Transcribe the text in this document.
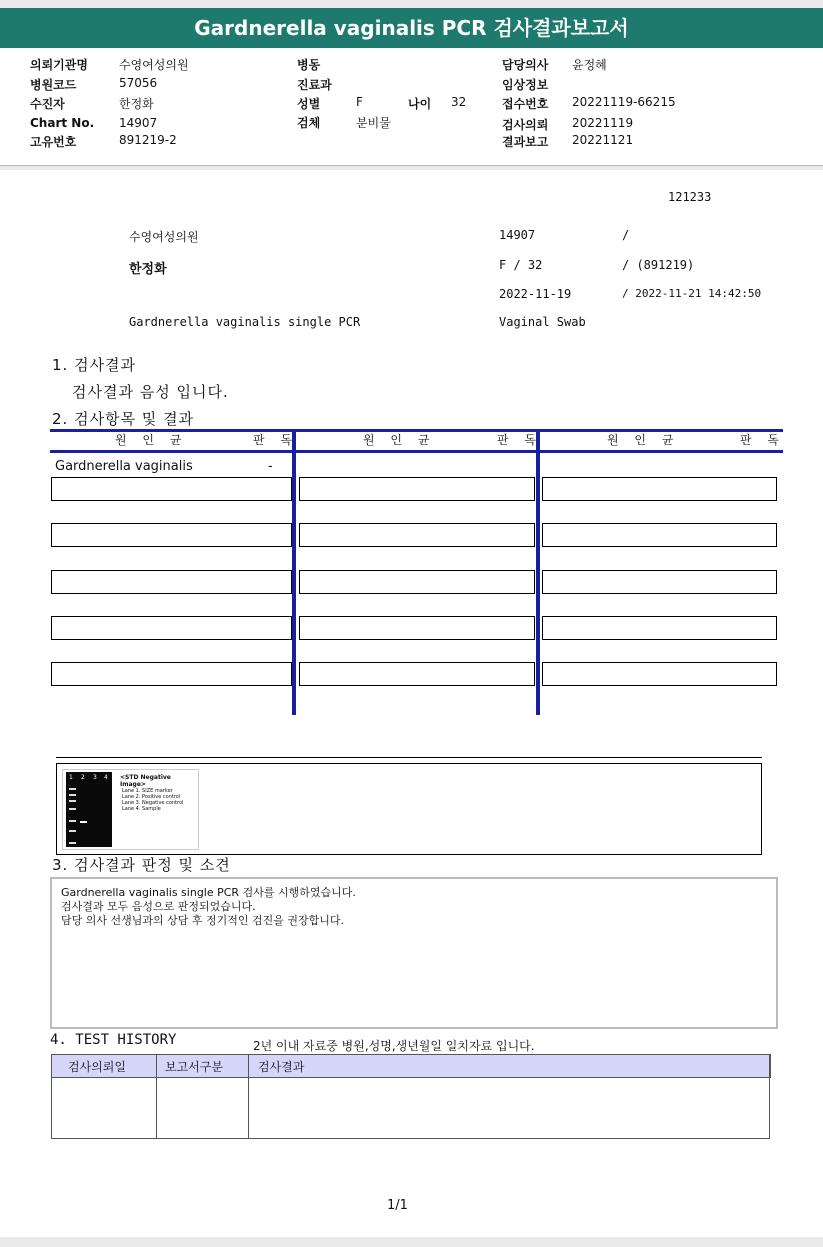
Gardnerella vaginalis PCR 검사결과보고서
의뢰기관명	수영여성의원
병원코드	57056
수진자	한정화
Chart No. 14907
고유번호	891219-2
병동
진료과
성별	F	나이 32
검체	분비물
담당의사 윤정혜
임상정보
접수번호 20221119-66215
검사의뢰 20221119
결과보고 20221121
121233
수영여성의원	14907	/
한정화	F / 32	/ (891219)
2022-11-19	/ 2022-11-21 14:42:50
Gardnerella vaginalis single PCR	Vaginal Swab
1. 검사결과
검사결과 음성 입니다.
2. 검사항목 및 결과
원 인 균	판 독	원 인 균	판 독	원 인 균	판 독
Gardnerella vaginalis	-
1 2 3 4 <STD Negative Image>
Lane 1. SIZE marker
Lane 2. Positive control
Lane 3. Negative control
Lane 4. Sample
3. 검사결과 판정 및 소견
Gardnerella vaginalis single PCR 검사를 시행하였습니다.
검사결과 모두 음성으로 판정되었습니다.
담당 의사 선생님과의 상담 후 정기적인 검진을 권장합니다.
4. TEST HISTORY	2년 이내 자료중 병원,성명,생년월일 일치자료 입니다.
검사의뢰일	보고서구분	검사결과
1/1
